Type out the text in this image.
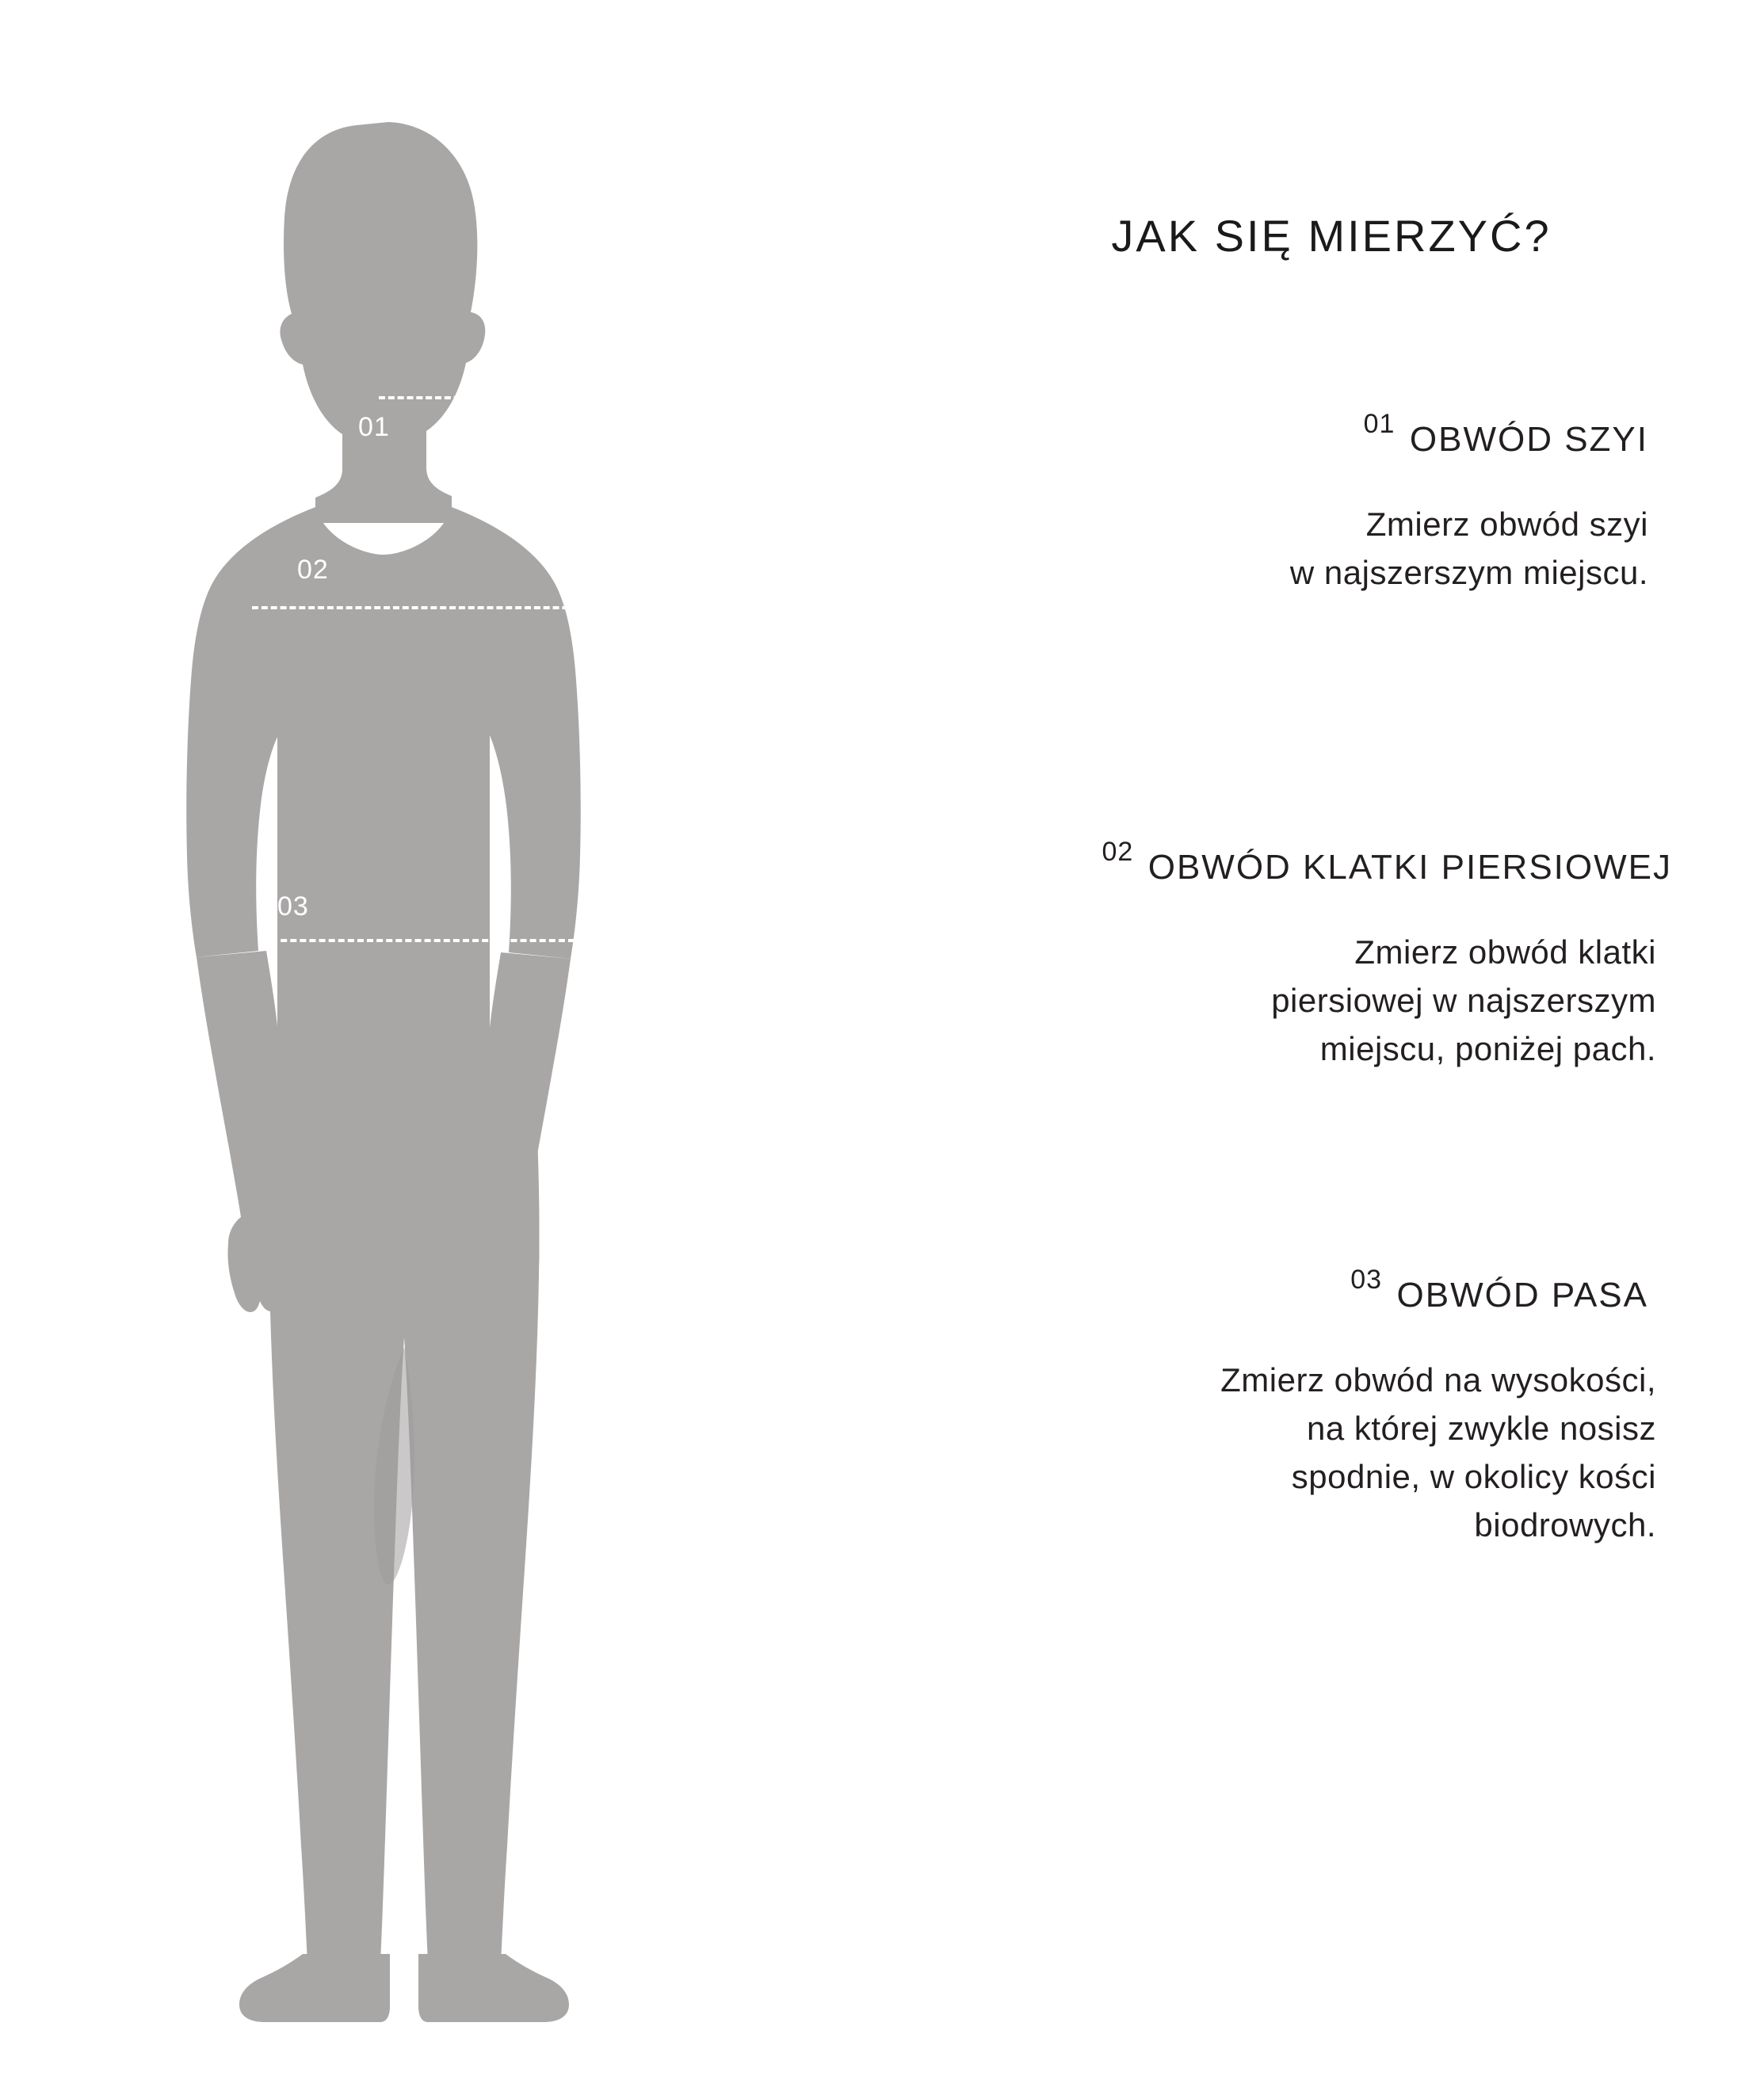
01
02
03
JAK SIĘ MIERZYĆ?
01 OBWÓD SZYI
Zmierz obwód szyi
w najszerszym miejscu.
02 OBWÓD KLATKI PIERSIOWEJ
Zmierz obwód klatki
piersiowej w najszerszym
miejscu, poniżej pach.
03 OBWÓD PASA
Zmierz obwód na wysokości,
na której zwykle nosisz
spodnie, w okolicy kości
biodrowych.
